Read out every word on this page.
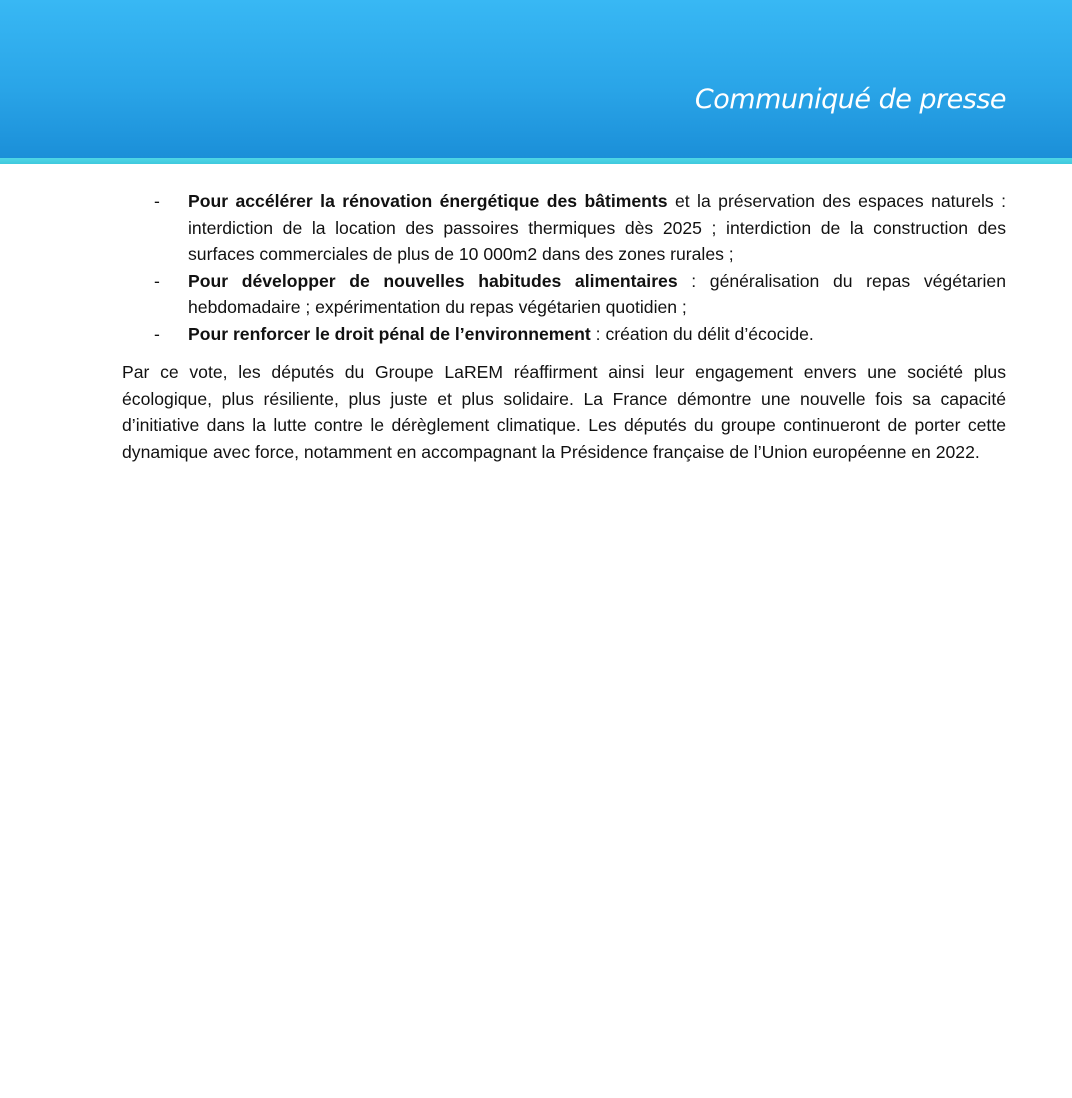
Communiqué de presse
- Pour accélérer la rénovation énergétique des bâtiments et la préservation des espaces naturels : interdiction de la location des passoires thermiques dès 2025 ; interdiction de la construction des surfaces commerciales de plus de 10 000m2 dans des zones rurales ;
- Pour développer de nouvelles habitudes alimentaires : généralisation du repas végétarien hebdomadaire ; expérimentation du repas végétarien quotidien ;
- Pour renforcer le droit pénal de l’environnement : création du délit d’écocide.

Par ce vote, les députés du Groupe LaREM réaffirment ainsi leur engagement envers une société plus écologique, plus résiliente, plus juste et plus solidaire. La France démontre une nouvelle fois sa capacité d’initiative dans la lutte contre le dérèglement climatique. Les députés du groupe continueront de porter cette dynamique avec force, notamment en accompagnant la Présidence française de l’Union européenne en 2022.
